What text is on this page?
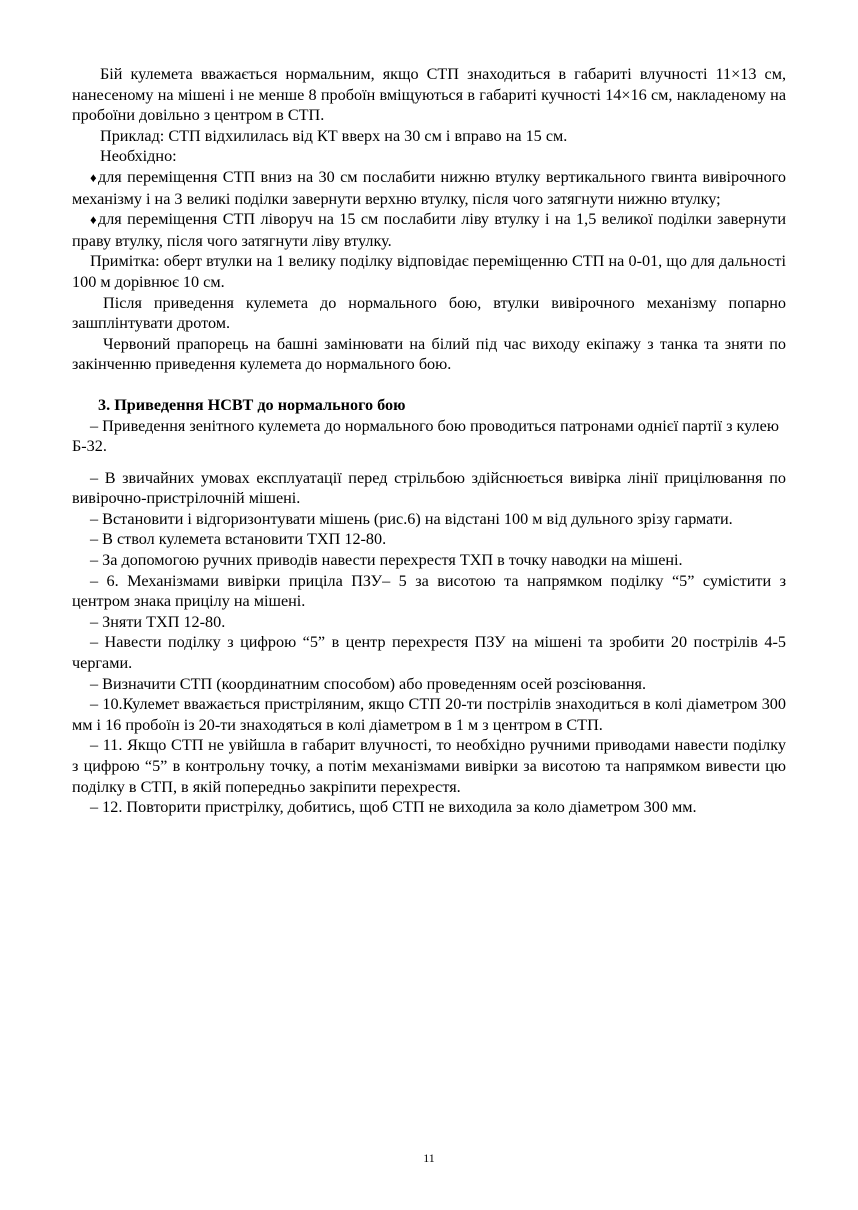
Бій кулемета вважається нормальним, якщо СТП знаходиться в габариті влучності 11×13 см, нанесеному на мішені і не менше 8 пробоїн вміщуються в габариті кучності 14×16 см, накладеному на пробоїни довільно з центром в СТП.

Приклад: СТП відхилилась від КТ вверх на 30 см і вправо на 15 см.

Необхідно:

♦для переміщення СТП вниз на 30 см послабити нижню втулку вертикального гвинта вивірочного механізму і на 3 великі поділки завернути верхню втулку, після чого затягнути нижню втулку;

♦для переміщення СТП ліворуч на 15 см послабити ліву втулку і на 1,5 великої поділки завернути праву втулку, після чого затягнути ліву втулку.

Примітка: оберт втулки на 1 велику поділку відповідає переміщенню СТП на 0-01, що для дальності 100 м дорівнює 10 см.

Після приведення кулемета до нормального бою, втулки вивірочного механізму попарно зашплінтувати дротом.

Червоний прапорець на башні замінювати на білий під час виходу екіпажу з танка та зняти по закінченню приведення кулемета до нормального бою.

3. Приведення НСВТ до нормального бою

– Приведення зенітного кулемета до нормального бою проводиться патронами однієї партії з кулею Б-32.

– В звичайних умовах експлуатації перед стрільбою здійснюється вивірка лінії прицілювання по вивірочно-пристрілочній мішені.

– Встановити і відгоризонтувати мішень (рис.6) на відстані 100 м від дульного зрізу гармати.

– В ствол кулемета встановити ТХП 12-80.

– За допомогою ручних приводів навести перехрестя ТХП в точку наводки на мішені.

– 6. Механізмами вивірки приціла ПЗУ– 5 за висотою та напрямком поділку “5” сумістити з центром знака прицілу на мішені.

– Зняти ТХП 12-80.

– Навести поділку з цифрою “5” в центр перехрестя ПЗУ на мішені та зробити 20 пострілів 4-5 чергами.

– Визначити СТП (координатним способом) або проведенням осей розсіювання.

– 10.Кулемет вважається пристріляним, якщо СТП 20-ти пострілів знаходиться в колі діаметром 300 мм і 16 пробоїн із 20-ти знаходяться в колі діаметром в 1 м з центром в СТП.

– 11. Якщо СТП не увійшла в габарит влучності, то необхідно ручними приводами навести поділку з цифрою “5” в контрольну точку, а потім механізмами вивірки за висотою та напрямком вивести цю поділку в СТП, в якій попередньо закріпити перехрестя.

– 12. Повторити пристрілку, добитись, щоб СТП не виходила за коло діаметром 300 мм.

11
